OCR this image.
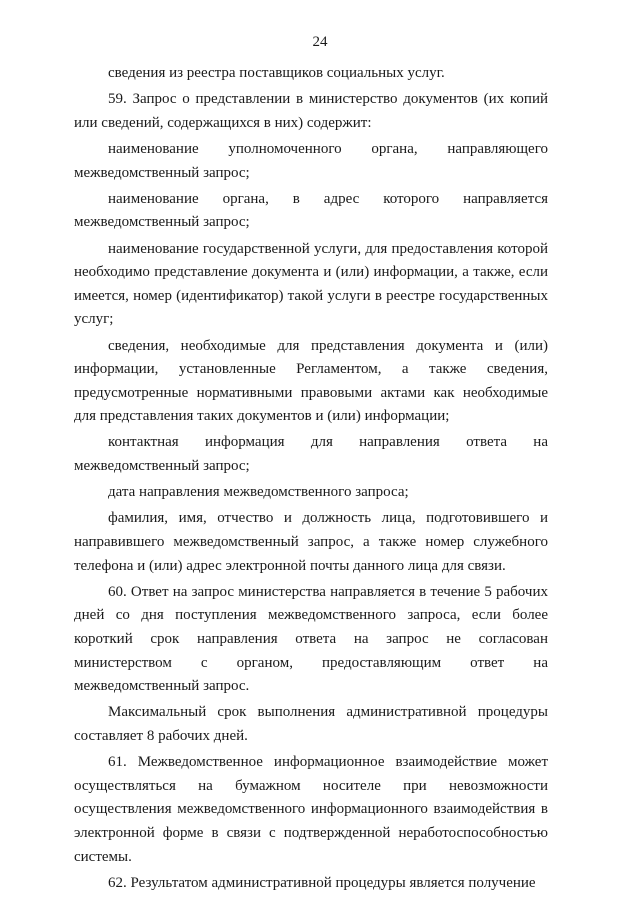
24

сведения из реестра поставщиков социальных услуг.

59. Запрос о представлении в министерство документов (их копий или сведений, содержащихся в них) содержит:

наименование уполномоченного органа, направляющего межведомственный запрос;

наименование органа, в адрес которого направляется межведомственный запрос;

наименование государственной услуги, для предоставления которой необходимо представление документа и (или) информации, а также, если имеется, номер (идентификатор) такой услуги в реестре государственных услуг;

сведения, необходимые для представления документа и (или) информации, установленные Регламентом, а также сведения, предусмотренные нормативными правовыми актами как необходимые для представления таких документов и (или) информации;

контактная информация для направления ответа на межведомственный запрос;

дата направления межведомственного запроса;

фамилия, имя, отчество и должность лица, подготовившего и направившего межведомственный запрос, а также номер служебного телефона и (или) адрес электронной почты данного лица для связи.

60. Ответ на запрос министерства направляется в течение 5 рабочих дней со дня поступления межведомственного запроса, если более короткий срок направления ответа на запрос не согласован министерством с органом, предоставляющим ответ на межведомственный запрос.

Максимальный срок выполнения административной процедуры составляет 8 рабочих дней.

61. Межведомственное информационное взаимодействие может осуществляться на бумажном носителе при невозможности осуществления межведомственного информационного взаимодействия в электронной форме в связи с подтвержденной неработоспособностью системы.

62. Результатом административной процедуры является получение
